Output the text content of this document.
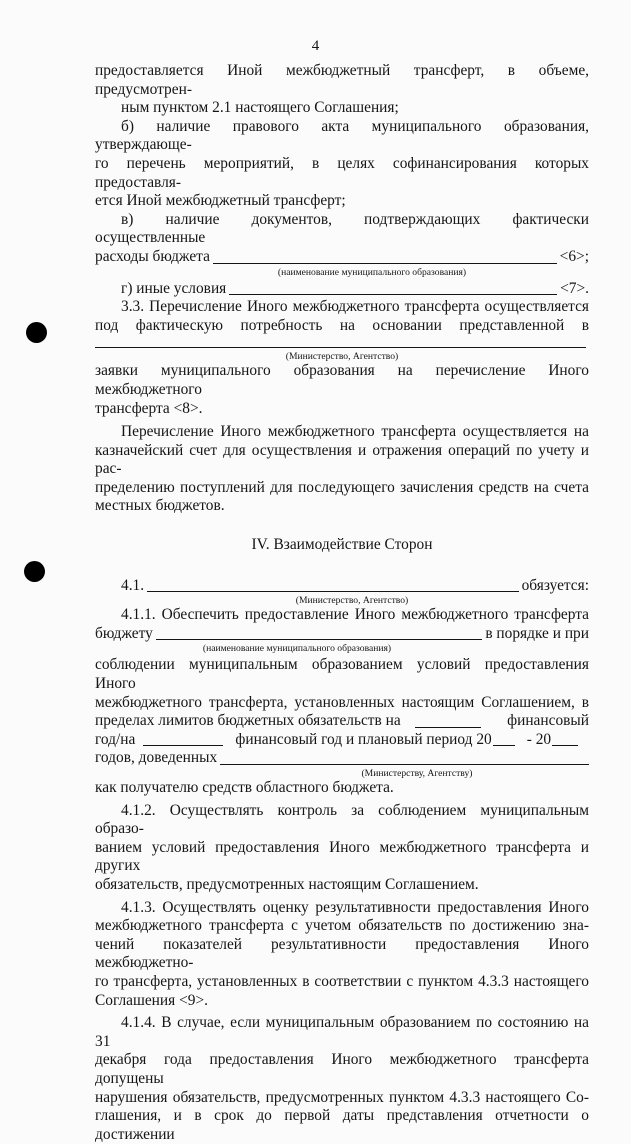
4

предоставляется Иной межбюджетный трансферт, в объеме, предусмотрен-

ным пунктом 2.1 настоящего Соглашения;

б) наличие правового акта муниципального образования, утверждающе-

го перечень мероприятий, в целях софинансирования которых предоставля-

ется Иной межбюджетный трансферт;

в) наличие документов, подтверждающих фактически осуществленные

расходы бюджета	<6>;
(наименование муниципального образования)
г) иные условия	<7>.

3.3. Перечисление Иного межбюджетного трансферта осуществляется

под фактическую потребность на основании представленной в
(Министерство, Агентство)

заявки муниципального образования на перечисление Иного межбюджетного

трансферта <8>.

Перечисление Иного межбюджетного трансферта осуществляется на

казначейский счет для осуществления и отражения операций по учету и рас-

пределению поступлений для последующего зачисления средств на счета

местных бюджетов.

IV. Взаимодействие Сторон
4.1.	обязуется:
(Министерство, Агентство)

4.1.1. Обеспечить предоставление Иного межбюджетного трансферта

бюджету	в порядке и при
(наименование муниципального образования)

соблюдении муниципальным образованием условий предоставления Иного

межбюджетного трансферта, установленных настоящим Соглашением, в

пределах лимитов бюджетных обязательств на	финансовый
год/на	финансовый год и плановый период 20 - 20
годов, доведенных
(Министерству, Агентству)

как получателю средств областного бюджета.

4.1.2. Осуществлять контроль за соблюдением муниципальным образо-

ванием условий предоставления Иного межбюджетного трансферта и других

обязательств, предусмотренных настоящим Соглашением.

4.1.3. Осуществлять оценку результативности предоставления Иного

межбюджетного трансферта с учетом обязательств по достижению зна-

чений показателей результативности предоставления Иного межбюджетно-

го трансферта, установленных в соответствии с пунктом 4.3.3 настоящего

Соглашения <9>.

4.1.4. В случае, если муниципальным образованием по состоянию на 31

декабря года предоставления Иного межбюджетного трансферта допущены

нарушения обязательств, предусмотренных пунктом 4.3.3 настоящего Со-

глашения, и в срок до первой даты представления отчетности о достижении
